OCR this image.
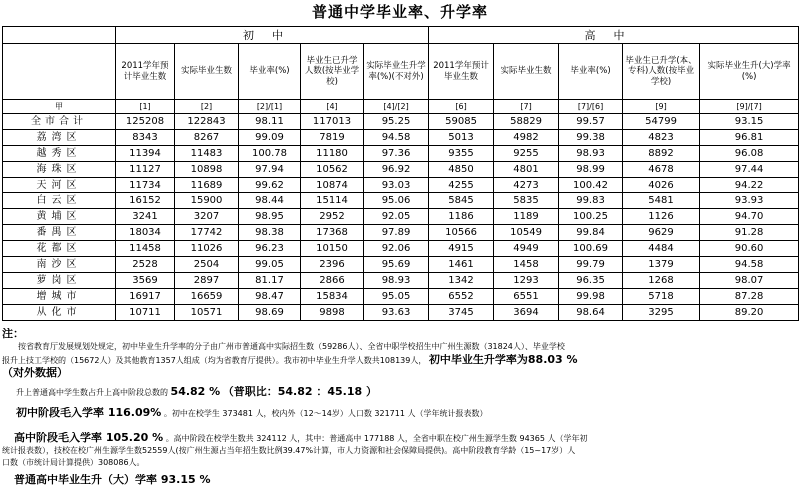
普通中学毕业率、升学率
	初中					高中				
	2011学年预计毕业生数	实际毕业生数	毕业率(%)	毕业生已升学人数(按毕业学校)	实际毕业生升学率(%)(不对外)	2011学年预计毕业生数	实际毕业生数	毕业率(%)	毕业生已升学(本、专科)人数(按毕业学校)	实际毕业生升(大)学率(%)
甲	[1]	[2]	[2]/[1]	[4]	[4]/[2]	[6]	[7]	[7]/[6]	[9]	[9]/[7]
全市合计	125208	122843	98.11	117013	95.25	59085	58829	99.57	54799	93.15
荔湾区	8343	8267	99.09	7819	94.58	5013	4982	99.38	4823	96.81
越秀区	11394	11483	100.78	11180	97.36	9355	9255	98.93	8892	96.08
海珠区	11127	10898	97.94	10562	96.92	4850	4801	98.99	4678	97.44
天河区	11734	11689	99.62	10874	93.03	4255	4273	100.42	4026	94.22
白云区	16152	15900	98.44	15114	95.06	5845	5835	99.83	5481	93.93
黄埔区	3241	3207	98.95	2952	92.05	1186	1189	100.25	1126	94.70
番禺区	18034	17742	98.38	17368	97.89	10566	10549	99.84	9629	91.28
花都区	11458	11026	96.23	10150	92.06	4915	4949	100.69	4484	90.60
南沙区	2528	2504	99.05	2396	95.69	1461	1458	99.79	1379	94.58
萝岗区	3569	2897	81.17	2866	98.93	1342	1293	96.35	1268	98.07
增城市	16917	16659	98.47	15834	95.05	6552	6551	99.98	5718	87.28
从化市	10711	10571	98.69	9898	93.63	3745	3694	98.64	3295	89.20
注：
按省教育厅发展规划处规定，初中毕业生升学率的分子由广州市普通高中实际招生数（59286人）、全省中职学校招生中广州生源数（31824人）、毕业学校
报升上技工学校的（15672人）及其他教育1357人组成（均为省教育厅提供）。我市初中毕业生升学人数共108139人， 初中毕业生升学率为88.03 %
（对外数据）
升上普通高中学生数占升上高中阶段总数的 54.82 % （普职比：54.82 ：45.18 ）
初中阶段毛入学率 116.09% 。初中在校学生 373481 人，校内外（12～14岁）人口数 321711 人（学年统计报表数）
高中阶段毛入学率 105.20 % 。高中阶段在校学生数共 324112 人，其中：普通高中 177188 人，全省中职在校广州生源学生数 94365 人（学年初
统计报表数），技校在校广州生源学生数52559人(按广州生源占当年招生数比例39.47%计算，市人力资源和社会保障局提供)。高中阶段教育学龄（15~17岁）人
口数（市统计局计算提供）308086人。
普通高中毕业生升（大）学率 93.15 %
